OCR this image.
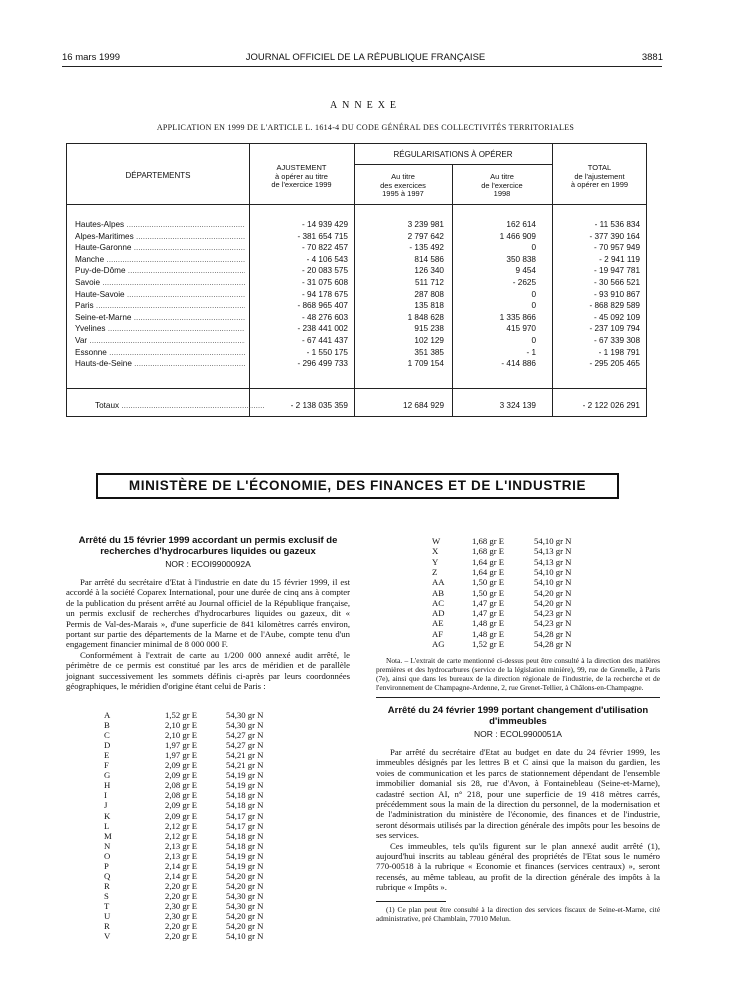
16 mars 1999	JOURNAL OFFICIEL DE LA RÉPUBLIQUE FRANÇAISE	3881
ANNEXE
APPLICATION EN 1999 DE L'ARTICLE L. 1614-4 DU CODE GÉNÉRAL DES COLLECTIVITÉS TERRITORIALES
DÉPARTEMENTS
AJUSTEMENT
à opérer au titre
de l'exercice 1999
RÉGULARISATIONS À OPÉRER
Au titre
des exercices
1995 à 1997
Au titre
de l'exercice
1998
TOTAL
de l'ajustement
à opérer en 1999
Hautes-Alpes .....	- 14 939 429	3 239 981	162 614	- 11 536 834
Alpes-Maritimes .....	- 381 654 715	2 797 642	1 466 909	- 377 390 164
Haute-Garonne .....	- 70 822 457	- 135 492	0	- 70 957 949
Manche .....	- 4 106 543	814 586	350 838	- 2 941 119
Puy-de-Dôme .....	- 20 083 575	126 340	9 454	- 19 947 781
Savoie .....	- 31 075 608	511 712	- 2625	- 30 566 521
Haute-Savoie .....	- 94 178 675	287 808	0	- 93 910 867
Paris .....	- 868 965 407	135 818	0	- 868 829 589
Seine-et-Marne .....	- 48 276 603	1 848 628	1 335 866	- 45 092 109
Yvelines .....	- 238 441 002	915 238	415 970	- 237 109 794
Var .....	- 67 441 437	102 129	0	- 67 339 308
Essonne .....	- 1 550 175	351 385	- 1	- 1 198 791
Hauts-de-Seine .....	- 296 499 733	1 709 154	- 414 886	- 295 205 465
Totaux .....	- 2 138 035 359	12 684 929	3 324 139	- 2 122 026 291
MINISTÈRE DE L'ÉCONOMIE, DES FINANCES ET DE L'INDUSTRIE
Arrêté du 15 février 1999 accordant un permis exclusif de recherches d'hydrocarbures liquides ou gazeux
NOR : ECOI9900092A
Par arrêté du secrétaire d'Etat à l'industrie en date du 15 février 1999, il est accordé à la société Coparex International, pour une durée de cinq ans à compter de la publication du présent arrêté au Journal officiel de la République française, un permis exclusif de recherches d'hydrocarbures liquides ou gazeux, dit « Permis de Val-des-Marais », d'une superficie de 841 kilomètres carrés environ, portant sur partie des départements de la Marne et de l'Aube, compte tenu d'un engagement financier minimal de 8 000 000 F.
Conformément à l'extrait de carte au 1/200 000 annexé audit arrêté, le périmètre de ce permis est constitué par les arcs de méridien et de parallèle joignant successivement les sommets définis ci-après par leurs coordonnées géographiques, le méridien d'origine étant celui de Paris :
A	1,52 gr E	54,30 gr N
B	2,10 gr E	54,30 gr N
C	2,10 gr E	54,27 gr N
D	1,97 gr E	54,27 gr N
E	1,97 gr E	54,21 gr N
F	2,09 gr E	54,21 gr N
G	2,09 gr E	54,19 gr N
H	2,08 gr E	54,19 gr N
I	2,08 gr E	54,18 gr N
J	2,09 gr E	54,18 gr N
K	2,09 gr E	54,17 gr N
L	2,12 gr E	54,17 gr N
M	2,12 gr E	54,18 gr N
N	2,13 gr E	54,18 gr N
O	2,13 gr E	54,19 gr N
P	2,14 gr E	54,19 gr N
Q	2,14 gr E	54,20 gr N
R	2,20 gr E	54,20 gr N
S	2,20 gr E	54,30 gr N
T	2,30 gr E	54,30 gr N
U	2,30 gr E	54,20 gr N
R	2,20 gr E	54,20 gr N
V	2,20 gr E	54,10 gr N
W	1,68 gr E	54,10 gr N
X	1,68 gr E	54,13 gr N
Y	1,64 gr E	54,13 gr N
Z	1,64 gr E	54,10 gr N
AA	1,50 gr E	54,10 gr N
AB	1,50 gr E	54,20 gr N
AC	1,47 gr E	54,20 gr N
AD	1,47 gr E	54,23 gr N
AE	1,48 gr E	54,23 gr N
AF	1,48 gr E	54,28 gr N
AG	1,52 gr E	54,28 gr N
Nota. – L'extrait de carte mentionné ci-dessus peut être consulté à la direction des matières premières et des hydrocarbures (service de la législation minière), 99, rue de Grenelle, à Paris (7e), ainsi que dans les bureaux de la direction régionale de l'industrie, de la recherche et de l'environnement de Champagne-Ardenne, 2, rue Grenet-Tellier, à Châlons-en-Champagne.
Arrêté du 24 février 1999 portant changement d'utilisation d'immeubles
NOR : ECOL9900051A
Par arrêté du secrétaire d'Etat au budget en date du 24 février 1999, les immeubles désignés par les lettres B et C ainsi que la maison du gardien, les voies de communication et les parcs de stationnement dépendant de l'ensemble immobilier domanial sis 28, rue d'Avon, à Fontainebleau (Seine-et-Marne), cadastré section AI, n° 218, pour une superficie de 19 418 mètres carrés, précédemment sous la main de la direction du personnel, de la modernisation et de l'administration du ministère de l'économie, des finances et de l'industrie, seront désormais utilisés par la direction générale des impôts pour les besoins de ses services.
Ces immeubles, tels qu'ils figurent sur le plan annexé audit arrêté (1), aujourd'hui inscrits au tableau général des propriétés de l'Etat sous le numéro 770-00518 à la rubrique « Economie et finances (services centraux) », seront recensés, au même tableau, au profit de la direction générale des impôts à la rubrique « Impôts ».
(1) Ce plan peut être consulté à la direction des services fiscaux de Seine-et-Marne, cité administrative, pré Chamblain, 77010 Melun.
